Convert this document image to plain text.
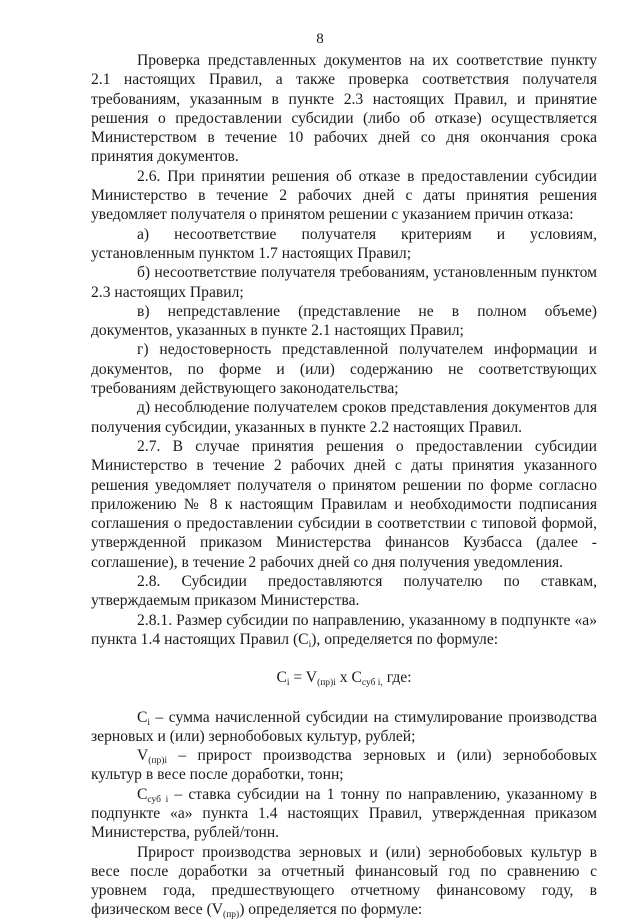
8

Проверка представленных документов на их соответствие пункту 2.1 настоящих Правил, а также проверка соответствия получателя требованиям, указанным в пункте 2.3 настоящих Правил, и принятие решения о предоставлении субсидии (либо об отказе) осуществляется Министерством в течение 10 рабочих дней со дня окончания срока принятия документов.

2.6. При принятии решения об отказе в предоставлении субсидии Министерство в течение 2 рабочих дней с даты принятия решения уведомляет получателя о принятом решении с указанием причин отказа:

а) несоответствие получателя критериям и условиям, установленным пунктом 1.7 настоящих Правил;

б) несоответствие получателя требованиям, установленным пунктом 2.3 настоящих Правил;

в) непредставление (представление не в полном объеме) документов, указанных в пункте 2.1 настоящих Правил;

г) недостоверность представленной получателем информации и документов, по форме и (или) содержанию не соответствующих требованиям действующего законодательства;

д) несоблюдение получателем сроков представления документов для получения субсидии, указанных в пункте 2.2 настоящих Правил.

2.7. В случае принятия решения о предоставлении субсидии Министерство в течение 2 рабочих дней с даты принятия указанного решения уведомляет получателя о принятом решении по форме согласно приложению № 8 к настоящим Правилам и необходимости подписания соглашения о предоставлении субсидии в соответствии с типовой формой, утвержденной приказом Министерства финансов Кузбасса (далее - соглашение), в течение 2 рабочих дней со дня получения уведомления.

2.8. Субсидии предоставляются получателю по ставкам, утверждаемым приказом Министерства.

2.8.1. Размер субсидии по направлению, указанному в подпункте «а» пункта 1.4 настоящих Правил $(С_i)$, определяется по формуле:

$С_i = V_{(пр)i}$ x $С_{суб i,}$ где:

$С_i$ – сумма начисленной субсидии на стимулирование производства зерновых и (или) зернобобовых культур, рублей;

$V_{(пр)i}$ – прирост производства зерновых и (или) зернобобовых культур в весе после доработки, тонн;

$С_{суб i}$ – ставка субсидии на 1 тонну по направлению, указанному в подпункте «а» пункта 1.4 настоящих Правил, утвержденная приказом Министерства, рублей/тонн.

Прирост производства зерновых и (или) зернобобовых культур в весе после доработки за отчетный финансовый год по сравнению с уровнем года, предшествующего отчетному финансовому году, в физическом весе $(V_{(пр)})$ определяется по формуле:
